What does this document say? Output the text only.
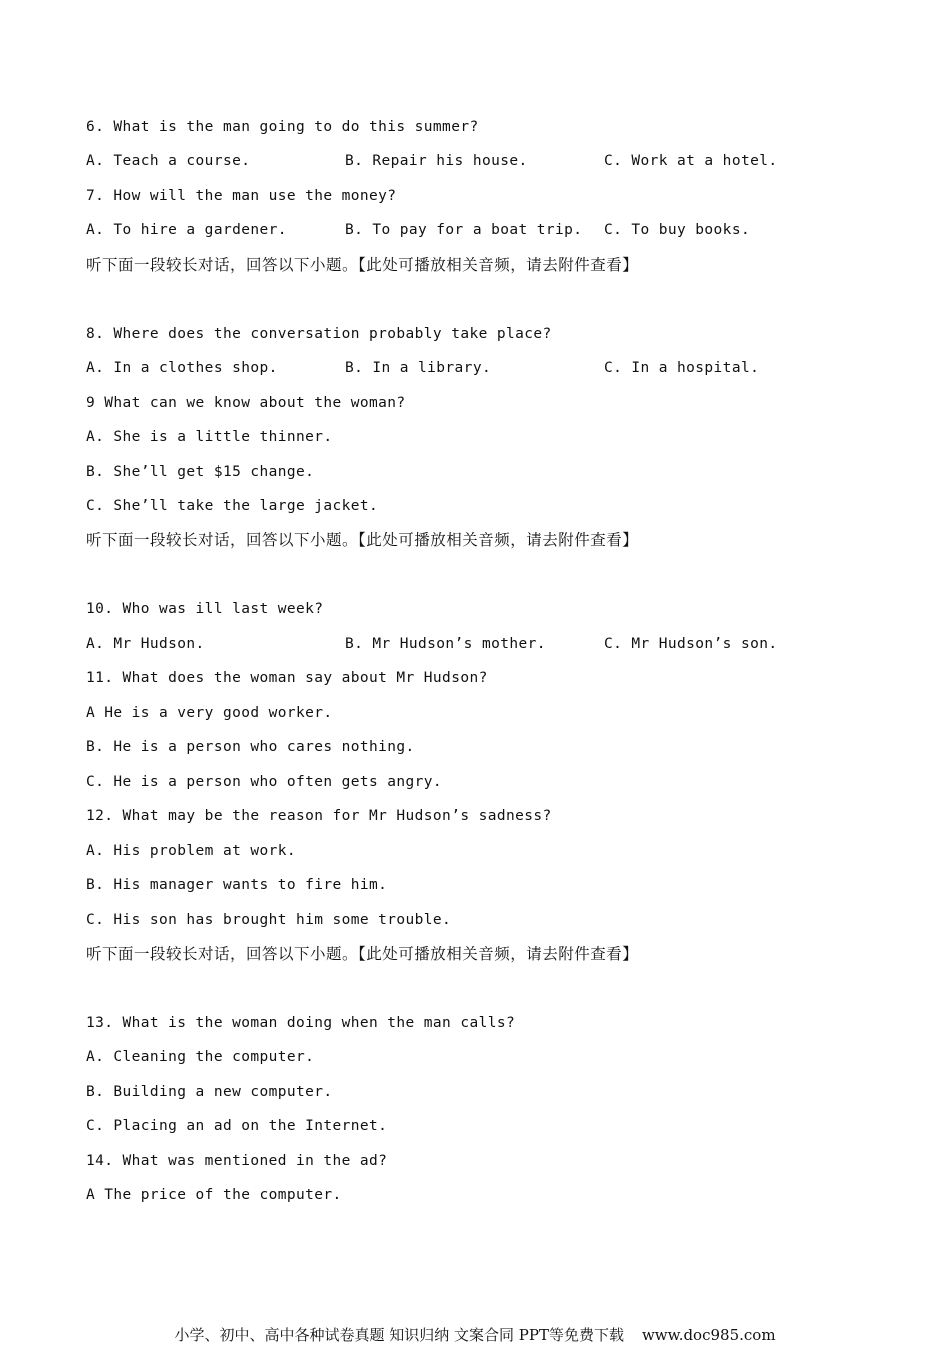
6. What is the man going to do this summer?
A. Teach a course.	B. Repair his house.	C. Work at a hotel.
7. How will the man use the money?
A. To hire a gardener.	B. To pay for a boat trip. C. To buy books.
听下面一段较长对话，回答以下小题。【此处可播放相关音频，请去附件查看】
8. Where does the conversation probably take place?
A. In a clothes shop.	B. In a library.	C. In a hospital.
9 What can we know about the woman?
A. She is a little thinner.
B. She’ll get $15 change.
C. She’ll take the large jacket.
听下面一段较长对话，回答以下小题。【此处可播放相关音频，请去附件查看】
10. Who was ill last week?
A. Mr Hudson.	B. Mr Hudson’s mother.	C. Mr Hudson’s son.
11. What does the woman say about Mr Hudson?
A He is a very good worker.
B. He is a person who cares nothing.
C. He is a person who often gets angry.
12. What may be the reason for Mr Hudson’s sadness?
A. His problem at work.
B. His manager wants to fire him.
C. His son has brought him some trouble.
听下面一段较长对话，回答以下小题。【此处可播放相关音频，请去附件查看】
13. What is the woman doing when the man calls?
A. Cleaning the computer.
B. Building a new computer.
C. Placing an ad on the Internet.
14. What was mentioned in the ad?
A The price of the computer.
小学、初中、高中各种试卷真题 知识归纳 文案合同 PPT等免费下载 www.doc985.com
